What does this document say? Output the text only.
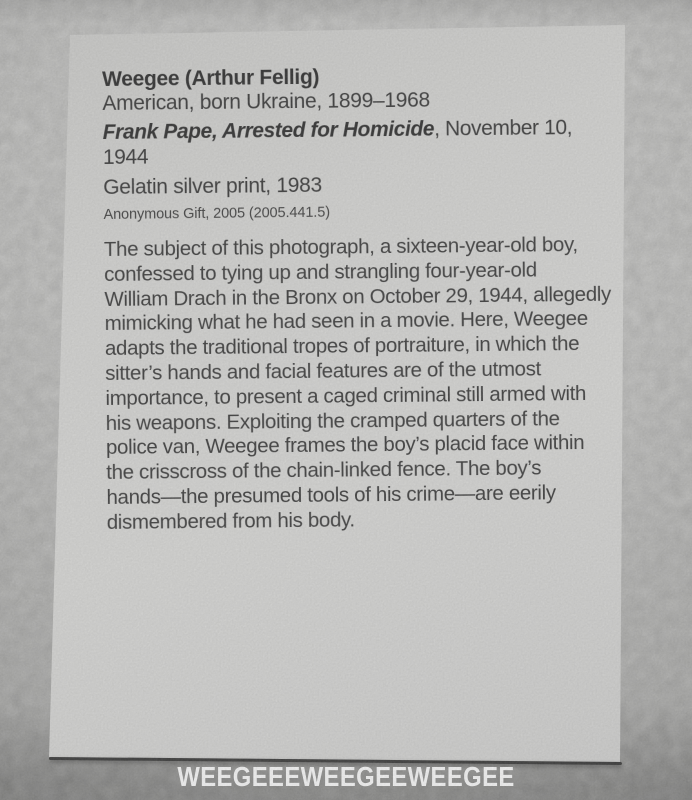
Weegee (Arthur Fellig)
American, born Ukraine, 1899–1968
Frank Pape, Arrested for Homicide, November 10,
1944
Gelatin silver print, 1983
Anonymous Gift, 2005 (2005.441.5)
The subject of this photograph, a sixteen-year-old boy,
confessed to tying up and strangling four-year-old
William Drach in the Bronx on October 29, 1944, allegedly
mimicking what he had seen in a movie. Here, Weegee
adapts the traditional tropes of portraiture, in which the
sitter’s hands and facial features are of the utmost
importance, to present a caged criminal still armed with
his weapons. Exploiting the cramped quarters of the
police van, Weegee frames the boy’s placid face within
the crisscross of the chain-linked fence. The boy’s
hands—the presumed tools of his crime—are eerily
dismembered from his body.
WEEGEEEWEEGEEWEEGEE
